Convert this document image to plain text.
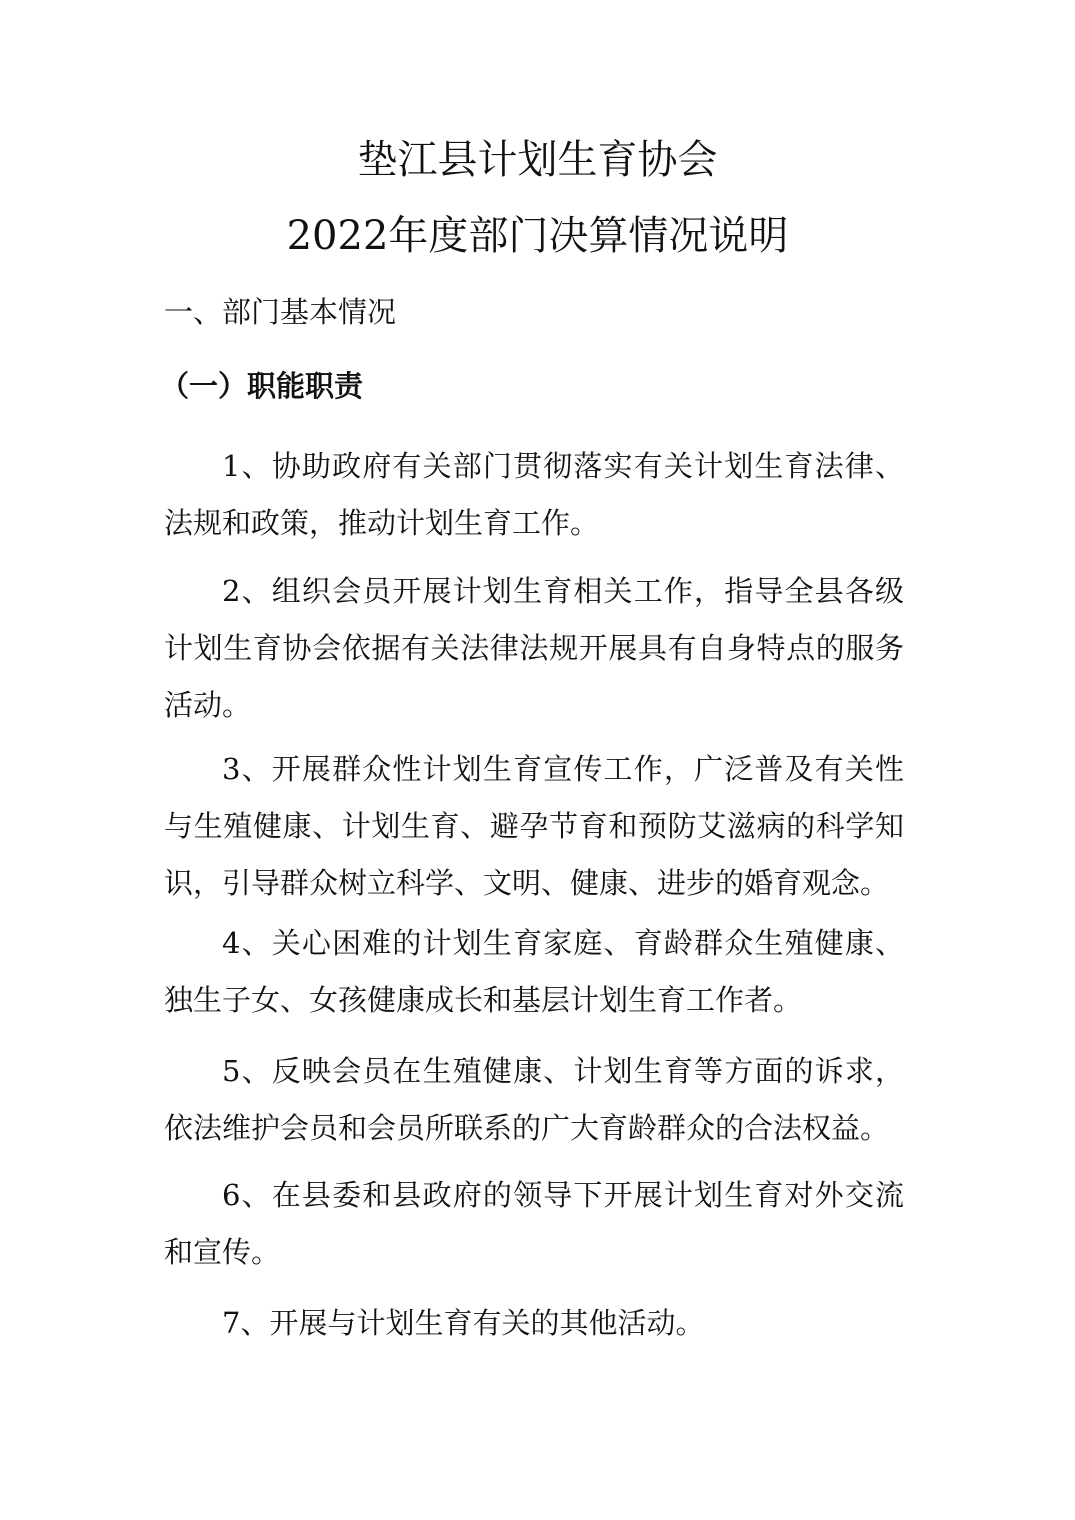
垫江县计划生育协会
2022年度部门决算情况说明
一、部门基本情况
（一）职能职责

1、协助政府有关部门贯彻落实有关计划生育法律、法规和政策，推动计划生育工作。

2、组织会员开展计划生育相关工作，指导全县各级计划生育协会依据有关法律法规开展具有自身特点的服务活动。

3、开展群众性计划生育宣传工作，广泛普及有关性与生殖健康、计划生育、避孕节育和预防艾滋病的科学知识，引导群众树立科学、文明、健康、进步的婚育观念。

4、关心困难的计划生育家庭、育龄群众生殖健康、独生子女、女孩健康成长和基层计划生育工作者。

5、反映会员在生殖健康、计划生育等方面的诉求，依法维护会员和会员所联系的广大育龄群众的合法权益。

6、在县委和县政府的领导下开展计划生育对外交流和宣传。

7、开展与计划生育有关的其他活动。
